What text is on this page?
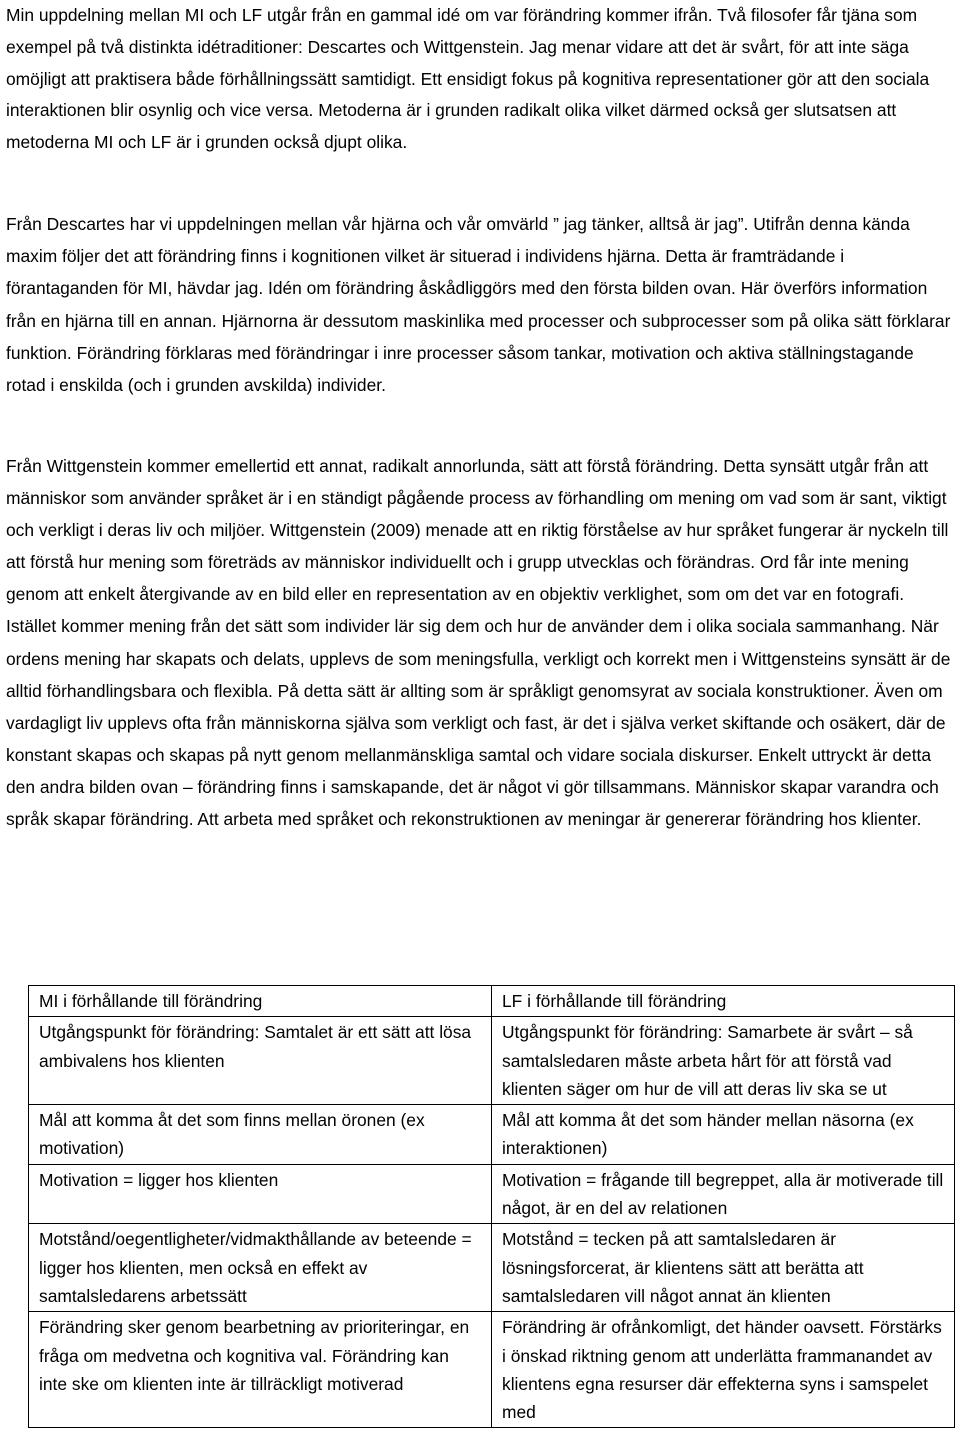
Min uppdelning mellan MI och LF utgår från en gammal idé om var förändring kommer ifrån. Två filosofer får tjäna som exempel på två distinkta idétraditioner: Descartes och Wittgenstein. Jag menar vidare att det är svårt, för att inte säga omöjligt att praktisera både förhållningssätt samtidigt. Ett ensidigt fokus på kognitiva representationer gör att den sociala interaktionen blir osynlig och vice versa. Metoderna är i grunden radikalt olika vilket därmed också ger slutsatsen att metoderna MI och LF är i grunden också djupt olika.

Från Descartes har vi uppdelningen mellan vår hjärna och vår omvärld ” jag tänker, alltså är jag”. Utifrån denna kända maxim följer det att förändring finns i kognitionen vilket är situerad i individens hjärna. Detta är framträdande i förantaganden för MI, hävdar jag. Idén om förändring åskådliggörs med den första bilden ovan. Här överförs information från en hjärna till en annan. Hjärnorna är dessutom maskinlika med processer och subprocesser som på olika sätt förklarar funktion. Förändring förklaras med förändringar i inre processer såsom tankar, motivation och aktiva ställningstagande rotad i enskilda (och i grunden avskilda) individer.

Från Wittgenstein kommer emellertid ett annat, radikalt annorlunda, sätt att förstå förändring. Detta synsätt utgår från att människor som använder språket är i en ständigt pågående process av förhandling om mening om vad som är sant, viktigt och verkligt i deras liv och miljöer. Wittgenstein (2009) menade att en riktig förståelse av hur språket fungerar är nyckeln till att förstå hur mening som företräds av människor individuellt och i grupp utvecklas och förändras. Ord får inte mening genom att enkelt återgivande av en bild eller en representation av en objektiv verklighet, som om det var en fotografi. Istället kommer mening från det sätt som individer lär sig dem och hur de använder dem i olika sociala sammanhang. När ordens mening har skapats och delats, upplevs de som meningsfulla, verkligt och korrekt men i Wittgensteins synsätt är de alltid förhandlingsbara och flexibla. På detta sätt är allting som är språkligt genomsyrat av sociala konstruktioner. Även om vardagligt liv upplevs ofta från människorna själva som verkligt och fast, är det i själva verket skiftande och osäkert, där de konstant skapas och skapas på nytt genom mellanmänskliga samtal och vidare sociala diskurser. Enkelt uttryckt är detta den andra bilden ovan – förändring finns i samskapande, det är något vi gör tillsammans. Människor skapar varandra och språk skapar förändring. Att arbeta med språket och rekonstruktionen av meningar är genererar förändring hos klienter.

MI i förhållande till förändring	LF i förhållande till förändring
Utgångspunkt för förändring: Samtalet är ett sätt att lösa ambivalens hos klienten	Utgångspunkt för förändring: Samarbete är svårt – så samtalsledaren måste arbeta hårt för att förstå vad klienten säger om hur de vill att deras liv ska se ut
Mål att komma åt det som finns mellan öronen (ex motivation)	Mål att komma åt det som händer mellan näsorna (ex interaktionen)
Motivation = ligger hos klienten	Motivation = frågande till begreppet, alla är motiverade till något, är en del av relationen
Motstånd/oegentligheter/vidmakthållande av beteende = ligger hos klienten, men också en effekt av samtalsledarens arbetssätt	Motstånd = tecken på att samtalsledaren är lösningsforcerat, är klientens sätt att berätta att samtalsledaren vill något annat än klienten
Förändring sker genom bearbetning av prioriteringar, en fråga om medvetna och kognitiva val. Förändring kan inte ske om klienten inte är tillräckligt motiverad	Förändring är ofrånkomligt, det händer oavsett. Förstärks i önskad riktning genom att underlätta frammanandet av klientens egna resurser där effekterna syns i samspelet med
